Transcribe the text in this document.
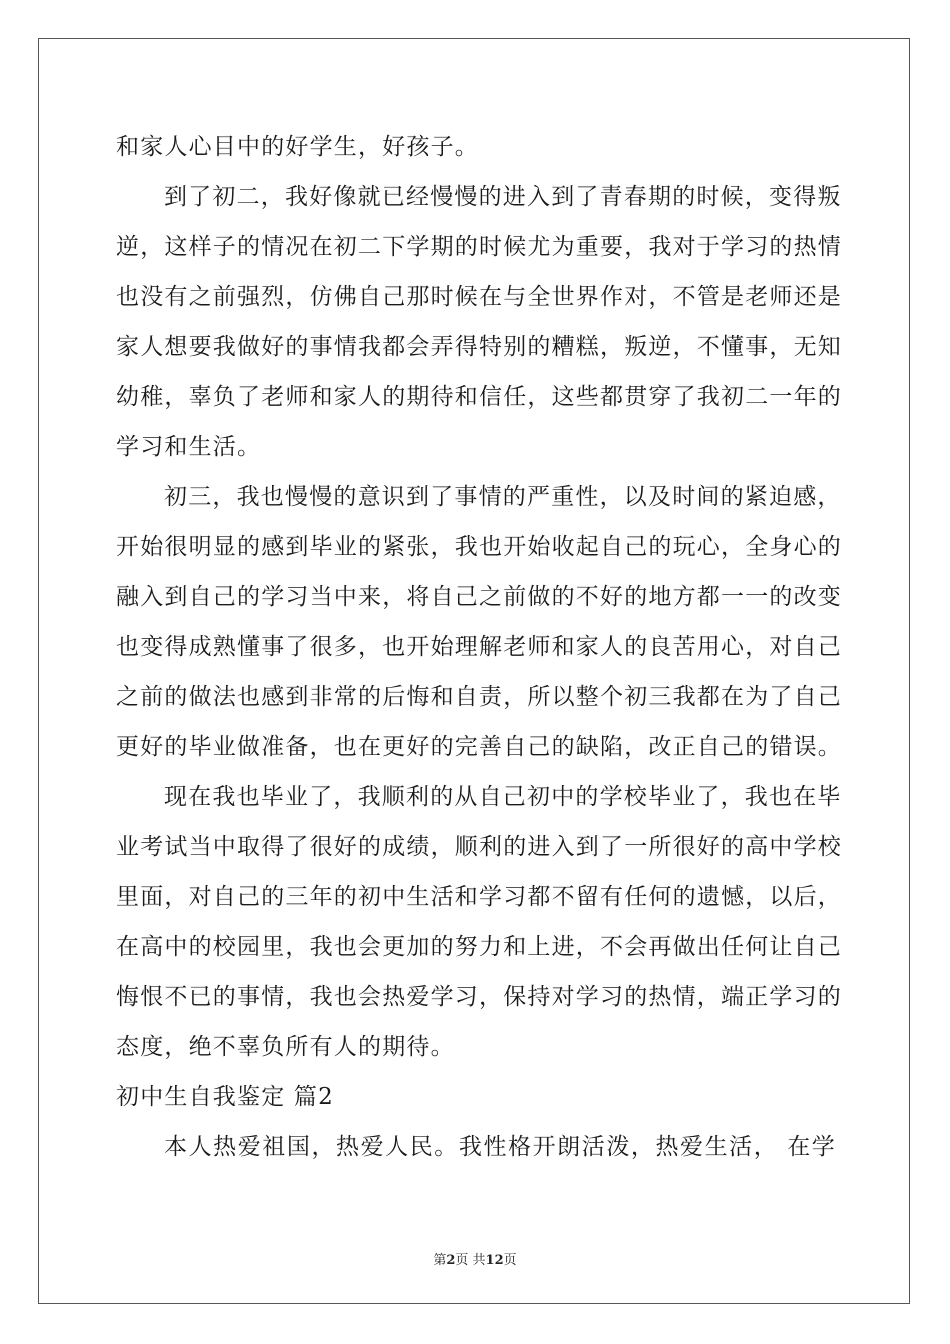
和家人心目中的好学生，好孩子。
到了初二，我好像就已经慢慢的进入到了青春期的时候，变得叛
逆，这样子的情况在初二下学期的时候尤为重要，我对于学习的热情
也没有之前强烈，仿佛自己那时候在与全世界作对，不管是老师还是
家人想要我做好的事情我都会弄得特别的糟糕，叛逆，不懂事，无知
幼稚，辜负了老师和家人的期待和信任，这些都贯穿了我初二一年的
学习和生活。
初三，我也慢慢的意识到了事情的严重性，以及时间的紧迫感，
开始很明显的感到毕业的紧张，我也开始收起自己的玩心，全身心的
融入到自己的学习当中来，将自己之前做的不好的地方都一一的改变
也变得成熟懂事了很多，也开始理解老师和家人的良苦用心，对自己
之前的做法也感到非常的后悔和自责，所以整个初三我都在为了自己
更好的毕业做准备，也在更好的完善自己的缺陷，改正自己的错误。
现在我也毕业了，我顺利的从自己初中的学校毕业了，我也在毕
业考试当中取得了很好的成绩，顺利的进入到了一所很好的高中学校
里面，对自己的三年的初中生活和学习都不留有任何的遗憾，以后，
在高中的校园里，我也会更加的努力和上进，不会再做出任何让自己
悔恨不已的事情，我也会热爱学习，保持对学习的热情，端正学习的
态度，绝不辜负所有人的期待。
初中生自我鉴定 篇2
本人热爱祖国，热爱人民。我性格开朗活泼，热爱生活， 在学
第2页 共12页
